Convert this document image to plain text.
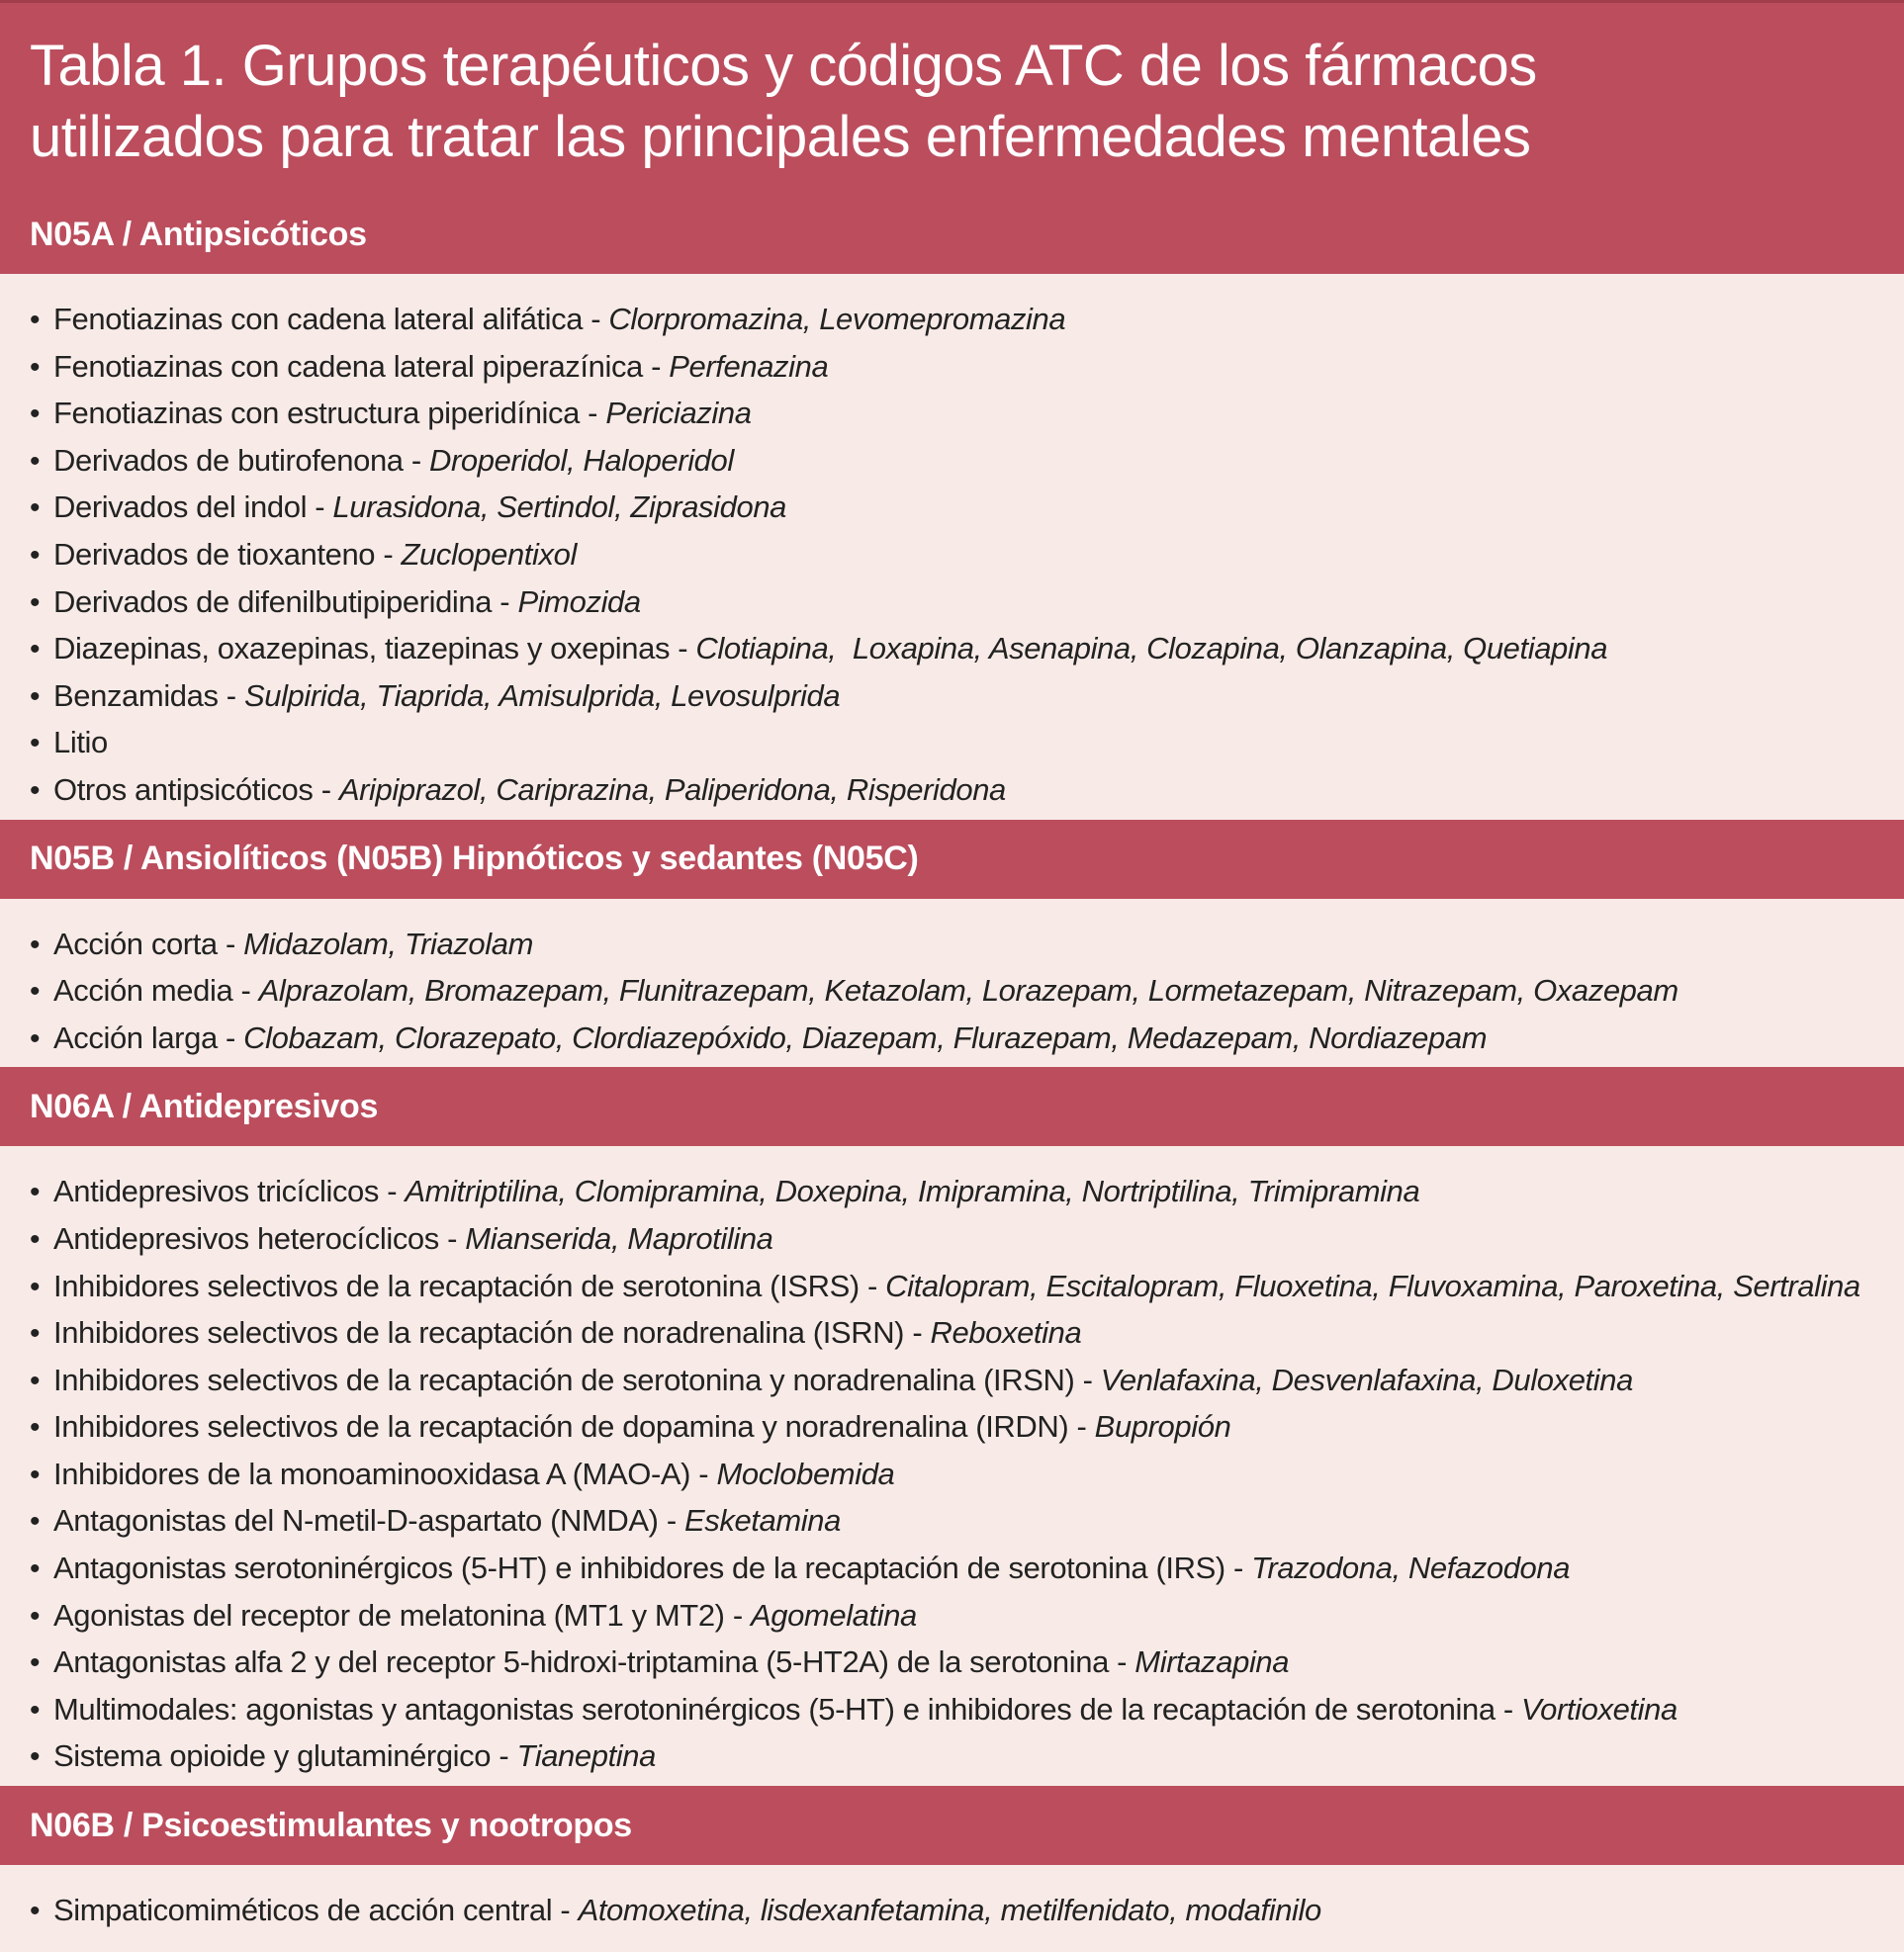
Tabla 1. Grupos terapéuticos y códigos ATC de los fármacos
utilizados para tratar las principales enfermedades mentales
N05A / Antipsicóticos
• Fenotiazinas con cadena lateral alifática - Clorpromazina, Levomepromazina
• Fenotiazinas con cadena lateral piperazínica - Perfenazina
• Fenotiazinas con estructura piperidínica - Periciazina
• Derivados de butirofenona - Droperidol, Haloperidol
• Derivados del indol - Lurasidona, Sertindol, Ziprasidona
• Derivados de tioxanteno - Zuclopentixol
• Derivados de difenilbutipiperidina - Pimozida
• Diazepinas, oxazepinas, tiazepinas y oxepinas - Clotiapina,  Loxapina, Asenapina, Clozapina, Olanzapina, Quetiapina
• Benzamidas - Sulpirida, Tiaprida, Amisulprida, Levosulprida
• Litio
• Otros antipsicóticos - Aripiprazol, Cariprazina, Paliperidona, Risperidona
N05B / Ansiolíticos (N05B) Hipnóticos y sedantes (N05C)
• Acción corta - Midazolam, Triazolam
• Acción media - Alprazolam, Bromazepam, Flunitrazepam, Ketazolam, Lorazepam, Lormetazepam, Nitrazepam, Oxazepam
• Acción larga - Clobazam, Clorazepato, Clordiazepóxido, Diazepam, Flurazepam, Medazepam, Nordiazepam
N06A / Antidepresivos
• Antidepresivos tricíclicos - Amitriptilina, Clomipramina, Doxepina, Imipramina, Nortriptilina, Trimipramina
• Antidepresivos heterocíclicos - Mianserida, Maprotilina
• Inhibidores selectivos de la recaptación de serotonina (ISRS) - Citalopram, Escitalopram, Fluoxetina, Fluvoxamina, Paroxetina, Sertralina
• Inhibidores selectivos de la recaptación de noradrenalina (ISRN) - Reboxetina
• Inhibidores selectivos de la recaptación de serotonina y noradrenalina (IRSN) - Venlafaxina, Desvenlafaxina, Duloxetina
• Inhibidores selectivos de la recaptación de dopamina y noradrenalina (IRDN) - Bupropión
• Inhibidores de la monoaminooxidasa A (MAO-A) - Moclobemida
• Antagonistas del N-metil-D-aspartato (NMDA) - Esketamina
• Antagonistas serotoninérgicos (5-HT) e inhibidores de la recaptación de serotonina (IRS) - Trazodona, Nefazodona
• Agonistas del receptor de melatonina (MT1 y MT2) - Agomelatina
• Antagonistas alfa 2 y del receptor 5-hidroxi-triptamina (5-HT2A) de la serotonina - Mirtazapina
• Multimodales: agonistas y antagonistas serotoninérgicos (5-HT) e inhibidores de la recaptación de serotonina - Vortioxetina
• Sistema opioide y glutaminérgico - Tianeptina
N06B / Psicoestimulantes y nootropos
• Simpaticomiméticos de acción central - Atomoxetina, lisdexanfetamina, metilfenidato, modafinilo
